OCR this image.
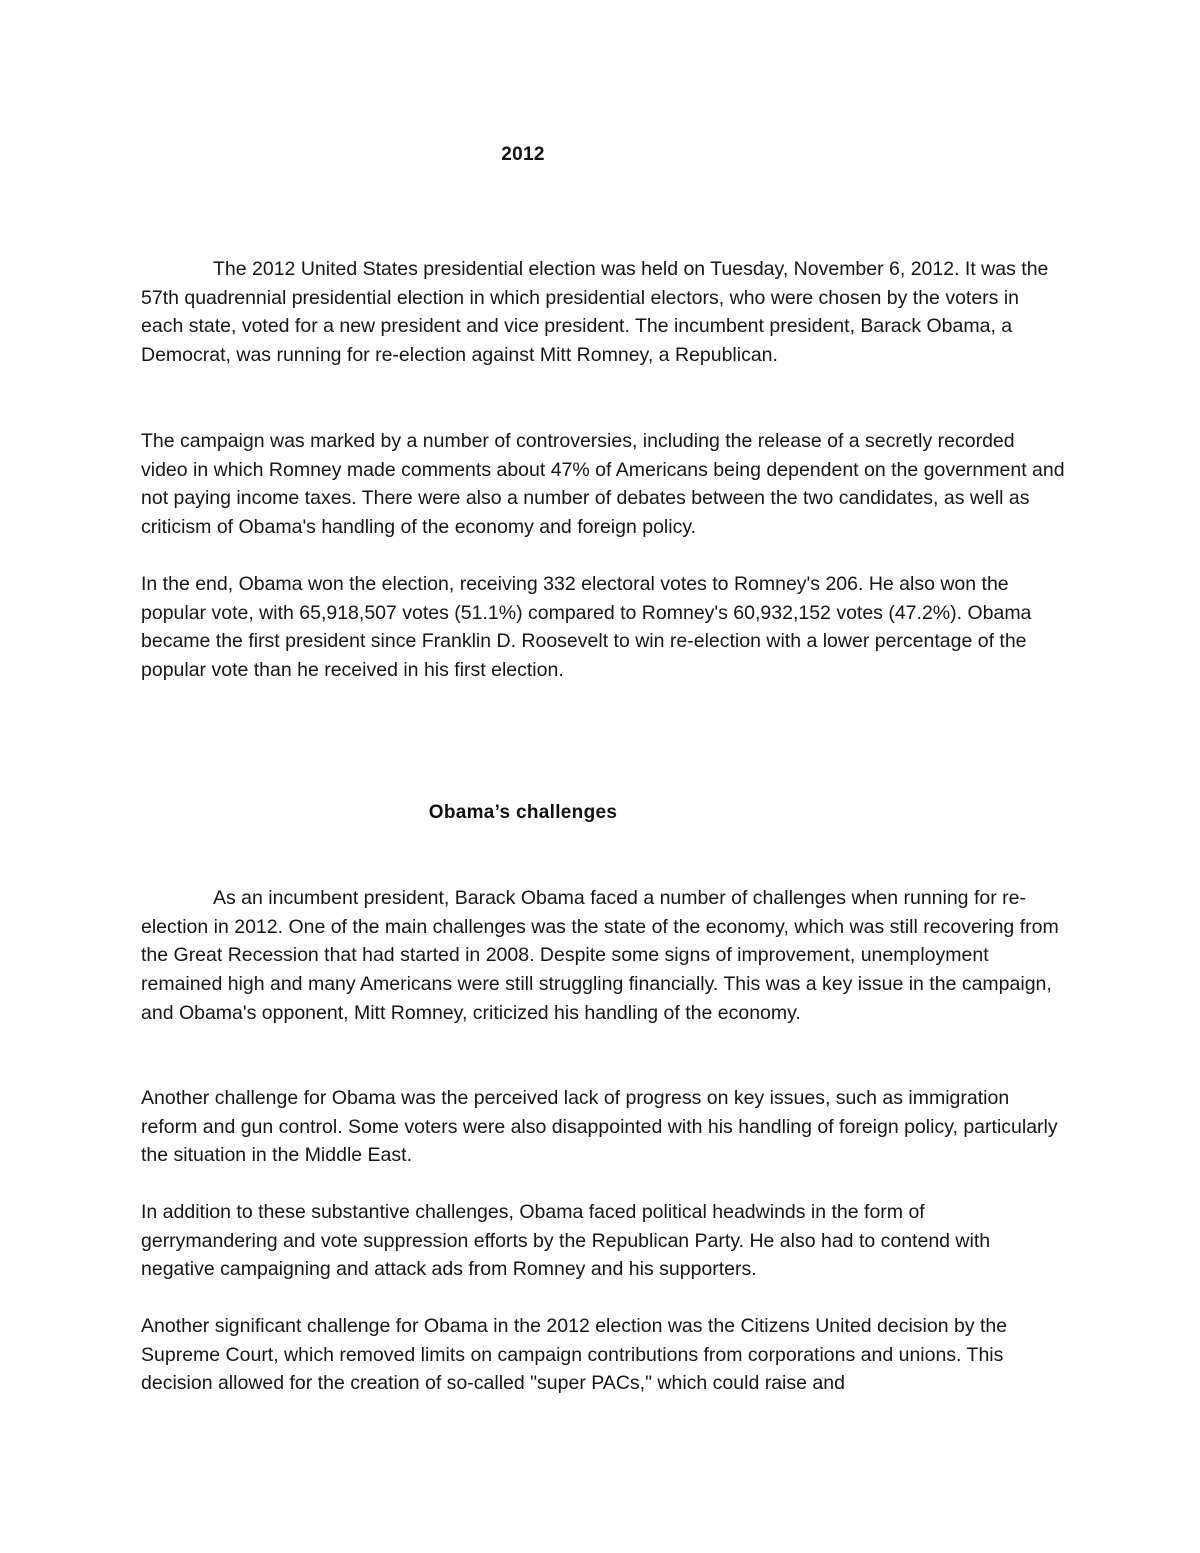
2012

The 2012 United States presidential election was held on Tuesday, November 6, 2012. It was the 57th quadrennial presidential election in which presidential electors, who were chosen by the voters in each state, voted for a new president and vice president. The incumbent president, Barack Obama, a Democrat, was running for re-election against Mitt Romney, a Republican.

The campaign was marked by a number of controversies, including the release of a secretly recorded video in which Romney made comments about 47% of Americans being dependent on the government and not paying income taxes. There were also a number of debates between the two candidates, as well as criticism of Obama's handling of the economy and foreign policy.

In the end, Obama won the election, receiving 332 electoral votes to Romney's 206. He also won the popular vote, with 65,918,507 votes (51.1%) compared to Romney's 60,932,152 votes (47.2%). Obama became the first president since Franklin D. Roosevelt to win re-election with a lower percentage of the popular vote than he received in his first election.

Obama’s challenges

As an incumbent president, Barack Obama faced a number of challenges when running for re-election in 2012. One of the main challenges was the state of the economy, which was still recovering from the Great Recession that had started in 2008. Despite some signs of improvement, unemployment remained high and many Americans were still struggling financially. This was a key issue in the campaign, and Obama's opponent, Mitt Romney, criticized his handling of the economy.

Another challenge for Obama was the perceived lack of progress on key issues, such as immigration reform and gun control. Some voters were also disappointed with his handling of foreign policy, particularly the situation in the Middle East.

In addition to these substantive challenges, Obama faced political headwinds in the form of gerrymandering and vote suppression efforts by the Republican Party. He also had to contend with negative campaigning and attack ads from Romney and his supporters.

Another significant challenge for Obama in the 2012 election was the Citizens United decision by the Supreme Court, which removed limits on campaign contributions from corporations and unions. This decision allowed for the creation of so-called "super PACs," which could raise and
